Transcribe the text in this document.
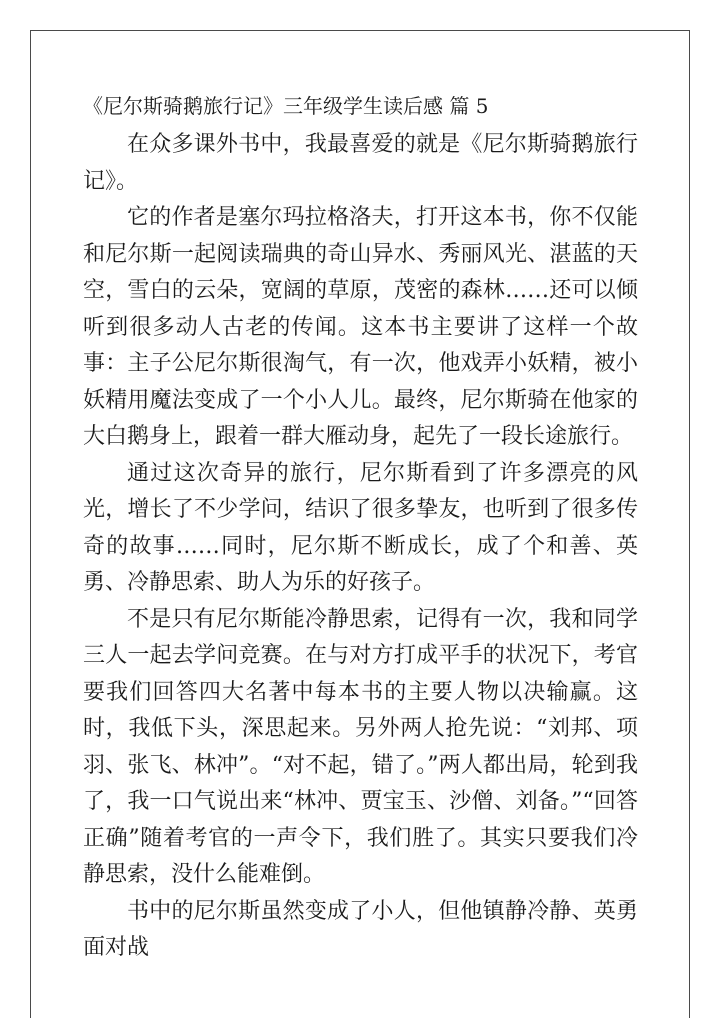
《尼尔斯骑鹅旅行记》三年级学生读后感 篇 5

在众多课外书中，我最喜爱的就是《尼尔斯骑鹅旅行记》。

它的作者是塞尔玛拉格洛夫，打开这本书，你不仅能和尼尔斯一起阅读瑞典的奇山异水、秀丽风光、湛蓝的天空，雪白的云朵，宽阔的草原，茂密的森林……还可以倾听到很多动人古老的传闻。这本书主要讲了这样一个故事：主子公尼尔斯很淘气，有一次，他戏弄小妖精，被小妖精用魔法变成了一个小人儿。最终，尼尔斯骑在他家的大白鹅身上，跟着一群大雁动身，起先了一段长途旅行。

通过这次奇异的旅行，尼尔斯看到了许多漂亮的风光，增长了不少学问，结识了很多挚友，也听到了很多传奇的故事……同时，尼尔斯不断成长，成了个和善、英勇、冷静思索、助人为乐的好孩子。

不是只有尼尔斯能冷静思索，记得有一次，我和同学三人一起去学问竞赛。在与对方打成平手的状况下，考官要我们回答四大名著中每本书的主要人物以决输赢。这时，我低下头，深思起来。另外两人抢先说：“刘邦、项羽、张飞、林冲”。“对不起，错了。”两人都出局，轮到我了，我一口气说出来“林冲、贾宝玉、沙僧、刘备。”“回答正确”随着考官的一声令下，我们胜了。其实只要我们冷静思索，没什么能难倒。

书中的尼尔斯虽然变成了小人，但他镇静冷静、英勇面对战
